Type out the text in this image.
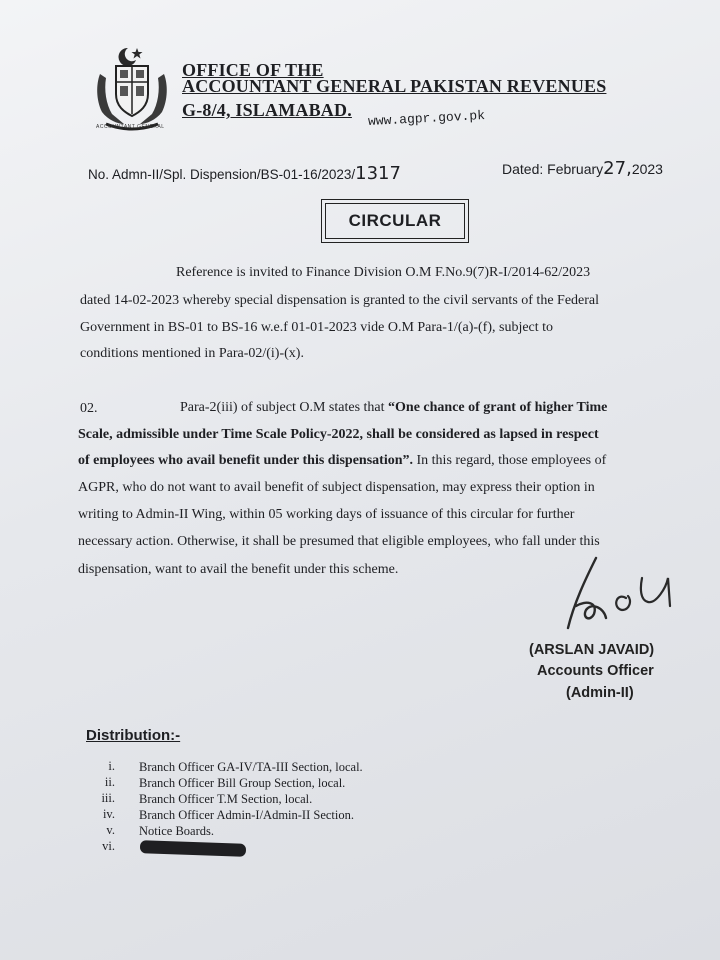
ACCOUNTANT GENERAL
OFFICE OF THE
ACCOUNTANT GENERAL PAKISTAN REVENUES
G-8/4, ISLAMABAD. www.agpr.gov.pk
No. Admn-II/Spl. Dispension/BS-01-16/2023/1317	Dated: February27,2023
CIRCULAR
Reference is invited to Finance Division O.M F.No.9(7)R-I/2014-62/2023
dated 14-02-2023 whereby special dispensation is granted to the civil servants of the Federal
Government in BS-01 to BS-16 w.e.f 01-01-2023 vide O.M Para-1/(a)-(f), subject to
conditions mentioned in Para-02/(i)-(x).
02.	Para-2(iii) of subject O.M states that “One chance of grant of higher Time
Scale, admissible under Time Scale Policy-2022, shall be considered as lapsed in respect
of employees who avail benefit under this dispensation”. In this regard, those employees of
AGPR, who do not want to avail benefit of subject dispensation, may express their option in
writing to Admin-II Wing, within 05 working days of issuance of this circular for further
necessary action. Otherwise, it shall be presumed that eligible employees, who fall under this
dispensation, want to avail the benefit under this scheme.
(ARSLAN JAVAID)
Accounts Officer
(Admin-II)
Distribution:-
i. Branch Officer GA-IV/TA-III Section, local.
ii. Branch Officer Bill Group Section, local.
iii. Branch Officer T.M Section, local.
iv. Branch Officer Admin-I/Admin-II Section.
v. Notice Boards.
vi.
